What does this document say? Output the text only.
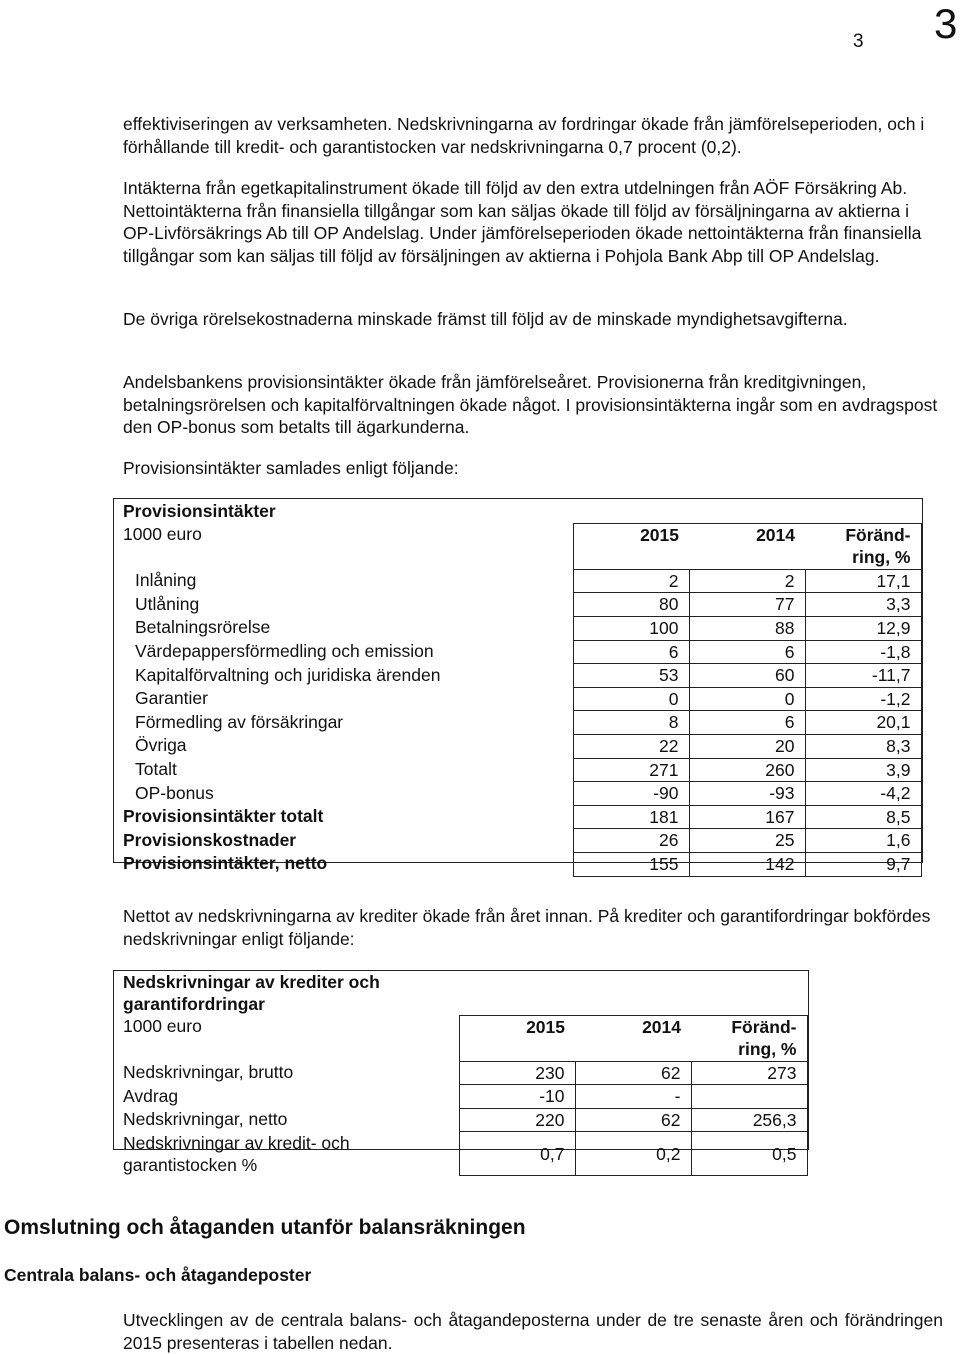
3 3

effektiviseringen av verksamheten. Nedskrivningarna av fordringar ökade från jämförelseperioden, och i förhållande till kredit- och garantistocken var nedskrivningarna 0,7 procent (0,2).

Intäkterna från egetkapitalinstrument ökade till följd av den extra utdelningen från AÖF Försäkring Ab. Nettointäkterna från finansiella tillgångar som kan säljas ökade till följd av försäljningarna av aktierna i OP-Livförsäkrings Ab till OP Andelslag. Under jämförelseperioden ökade nettointäkterna från finansiella tillgångar som kan säljas till följd av försäljningen av aktierna i Pohjola Bank Abp till OP Andelslag.

De övriga rörelsekostnaderna minskade främst till följd av de minskade myndighetsavgifterna.

Andelsbankens provisionsintäkter ökade från jämförelseåret. Provisionerna från kreditgivningen, betalningsrörelsen och kapitalförvaltningen ökade något. I provisionsintäkterna ingår som en avdragspost den OP-bonus som betalts till ägarkunderna.

Provisionsintäkter samlades enligt följande:

Provisionsintäkter			
1000 euro	2015	2014	Föränd-
			ring, %
Inlåning	2	2	17,1
Utlåning	80	77	3,3
Betalningsrörelse	100	88	12,9
Värdepappersförmedling och emission	6	6	-1,8
Kapitalförvaltning och juridiska ärenden	53	60	-11,7
Garantier	0	0	-1,2
Förmedling av försäkringar	8	6	20,1
Övriga	22	20	8,3
Totalt	271	260	3,9
OP-bonus	-90	-93	-4,2
Provisionsintäkter totalt	181	167	8,5
Provisionskostnader	26	25	1,6
Provisionsintäkter, netto	155	142	9,7

Nettot av nedskrivningarna av krediter ökade från året innan. På krediter och garantifordringar bokfördes nedskrivningar enligt följande:

Nedskrivningar av krediter och garantifordringar			
1000 euro	2015	2014	Föränd-
			ring, %
Nedskrivningar, brutto	230	62	273
Avdrag	-10	-	
Nedskrivningar, netto	220	62	256,3
Nedskrivningar av kredit- och
garantistocken %	0,7	0,2	0,5
Omslutning och åtaganden utanför balansräkningen
Centrala balans- och åtagandeposter

Utvecklingen av de centrala balans- och åtagandeposterna under de tre senaste åren och förändringen 2015 presenteras i tabellen nedan.
